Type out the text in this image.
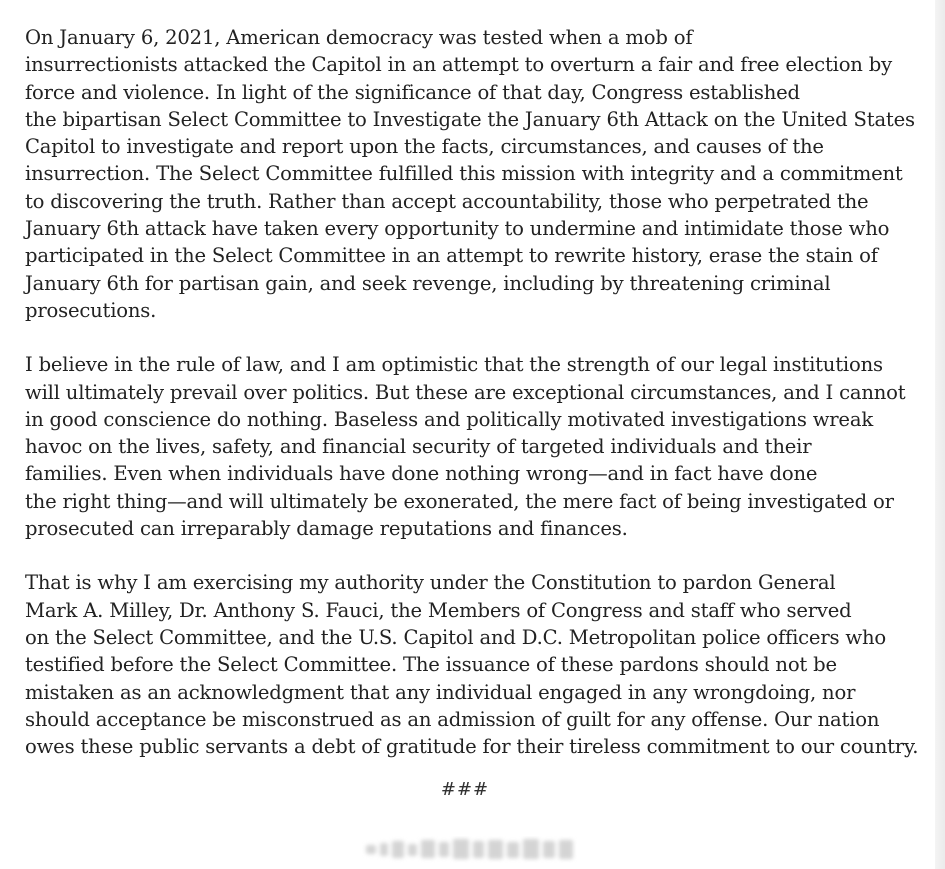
On January 6, 2021, American democracy was tested when a mob of
insurrectionists attacked the Capitol in an attempt to overturn a fair and free election by
force and violence. In light of the significance of that day, Congress established
the bipartisan Select Committee to Investigate the January 6th Attack on the United States
Capitol to investigate and report upon the facts, circumstances, and causes of the
insurrection. The Select Committee fulfilled this mission with integrity and a commitment
to discovering the truth. Rather than accept accountability, those who perpetrated the
January 6th attack have taken every opportunity to undermine and intimidate those who
participated in the Select Committee in an attempt to rewrite history, erase the stain of
January 6th for partisan gain, and seek revenge, including by threatening criminal
prosecutions.

I believe in the rule of law, and I am optimistic that the strength of our legal institutions
will ultimately prevail over politics. But these are exceptional circumstances, and I cannot
in good conscience do nothing. Baseless and politically motivated investigations wreak
havoc on the lives, safety, and financial security of targeted individuals and their
families. Even when individuals have done nothing wrong—and in fact have done
the right thing—and will ultimately be exonerated, the mere fact of being investigated or
prosecuted can irreparably damage reputations and finances.

That is why I am exercising my authority under the Constitution to pardon General
Mark A. Milley, Dr. Anthony S. Fauci, the Members of Congress and staff who served
on the Select Committee, and the U.S. Capitol and D.C. Metropolitan police officers who
testified before the Select Committee. The issuance of these pardons should not be
mistaken as an acknowledgment that any individual engaged in any wrongdoing, nor
should acceptance be misconstrued as an admission of guilt for any offense. Our nation
owes these public servants a debt of gratitude for their tireless commitment to our country.

###
